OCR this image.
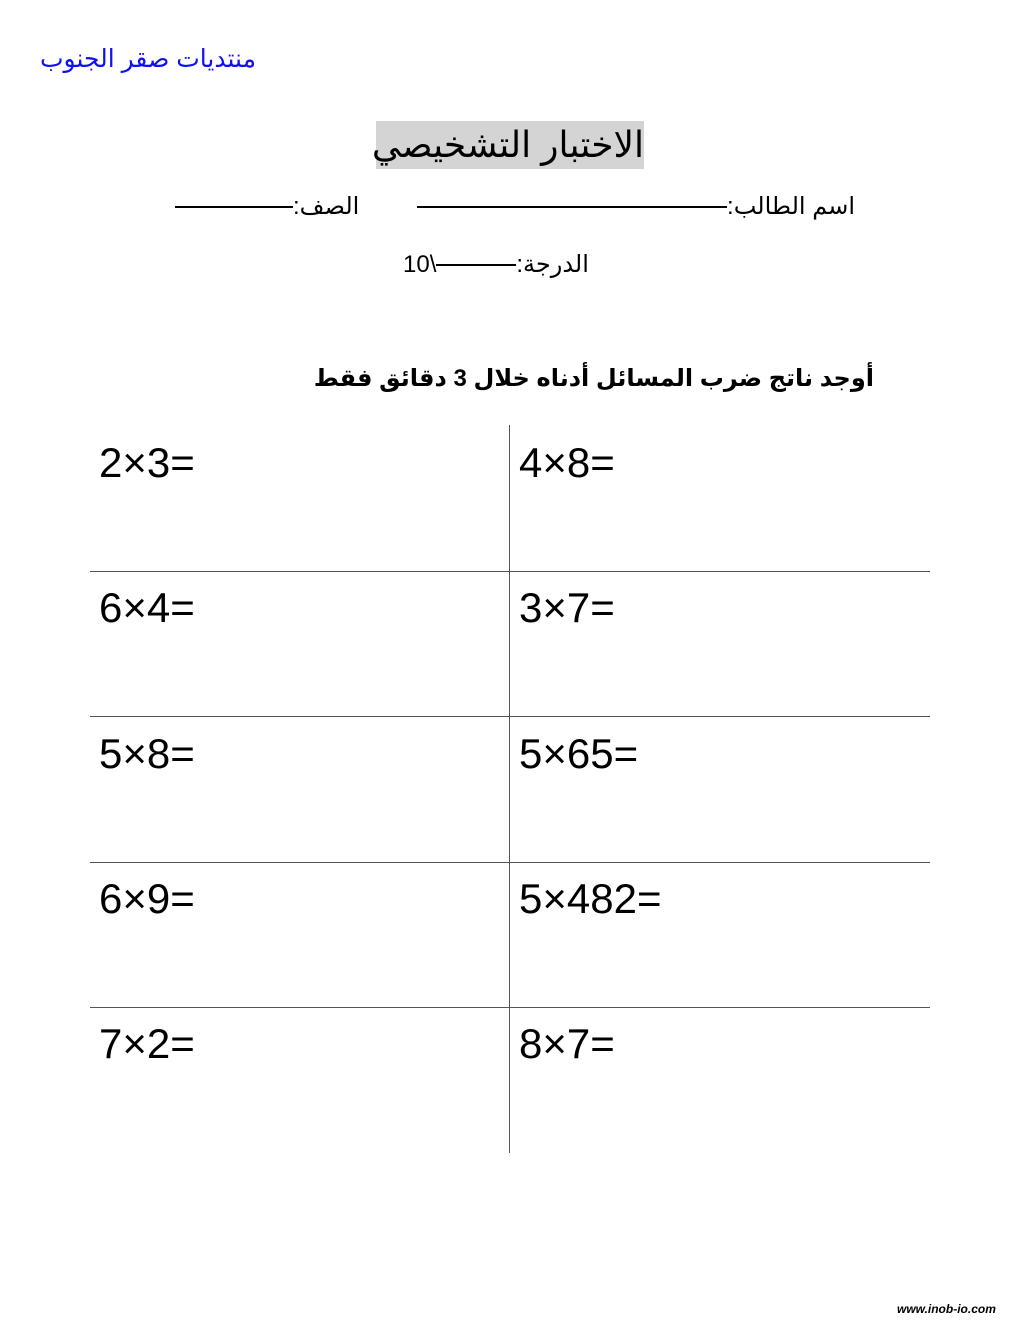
منتديات صقر الجنوب
الاختبار التشخيصي
اسم الطالب:
الصف:
الدرجة:10\
أوجد ناتج ضرب المسائل أدناه خلال 3 دقائق فقط
2×3=	4×8=
6×4=	3×7=
5×8=	5×65=
6×9=	5×482=
7×2=	8×7=
www.inob-io.com
